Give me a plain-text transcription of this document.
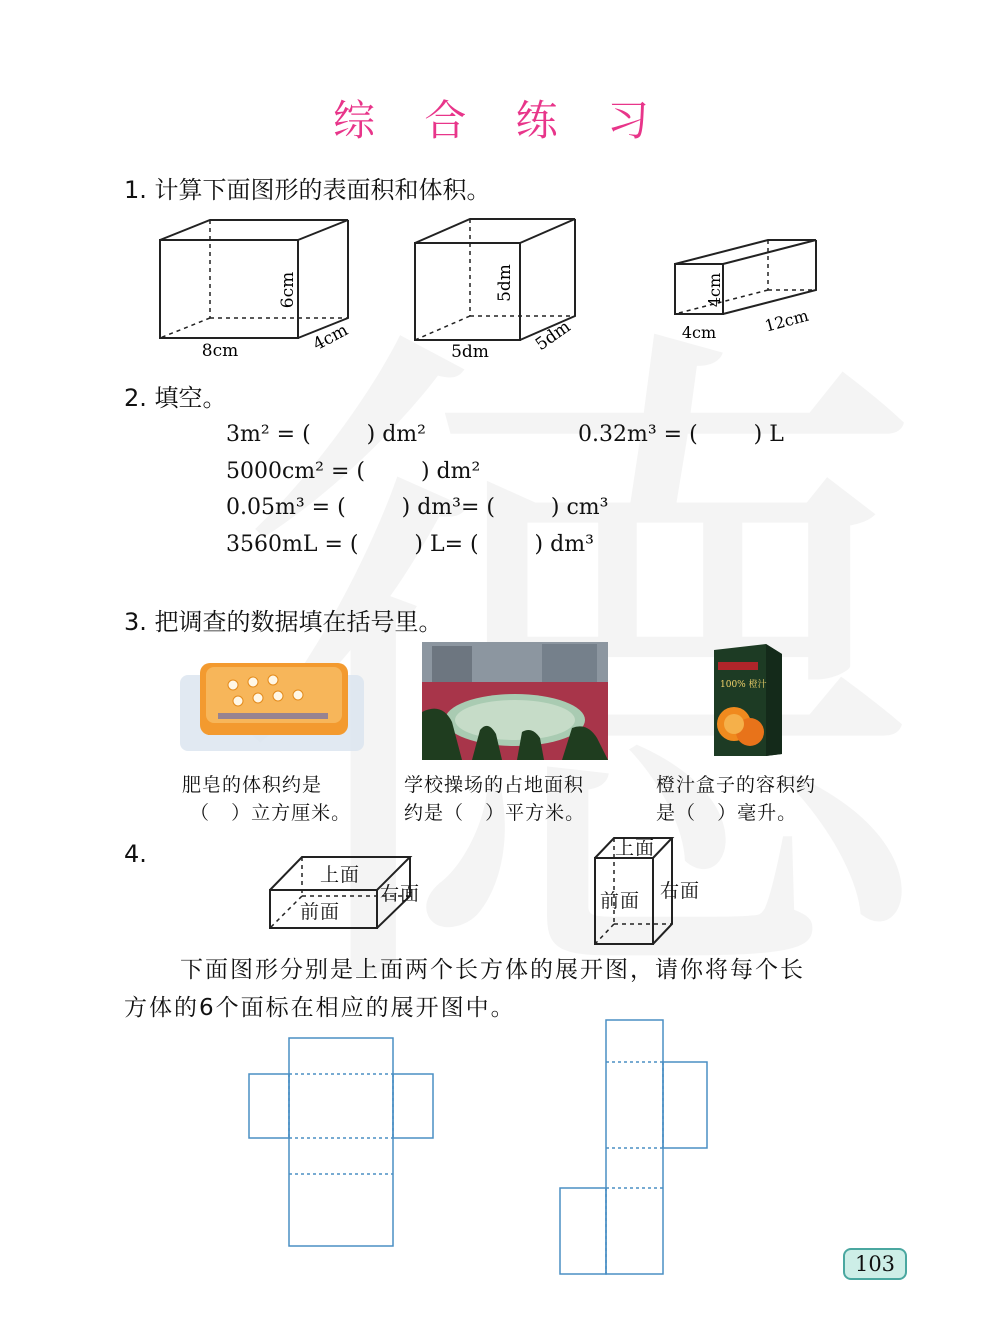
综 合 练 习
1. 计算下面图形的表面积和体积。
6cm
8cm	4cm
5dm
5dm	5dm
4cm
4cm	12cm
2. 填空。
3m² = (        ) dm²	0.32m³ = (        ) L
5000cm² = (        ) dm²
0.05m³ = (        ) dm³= (        ) cm³
3560mL = (        ) L= (        ) dm³
3. 把调查的数据填在括号里。
100% 橙汁
肥皂的体积约是
（   ）立方厘米。
学校操场的占地面积
约是（   ）平方米。
橙汁盒子的容积约
是（   ）毫升。
4.
上面
前面
右面
上面
前面 右面
下面图形分别是上面两个长方体的展开图，请你将每个长
方体的6个面标在相应的展开图中。
103
